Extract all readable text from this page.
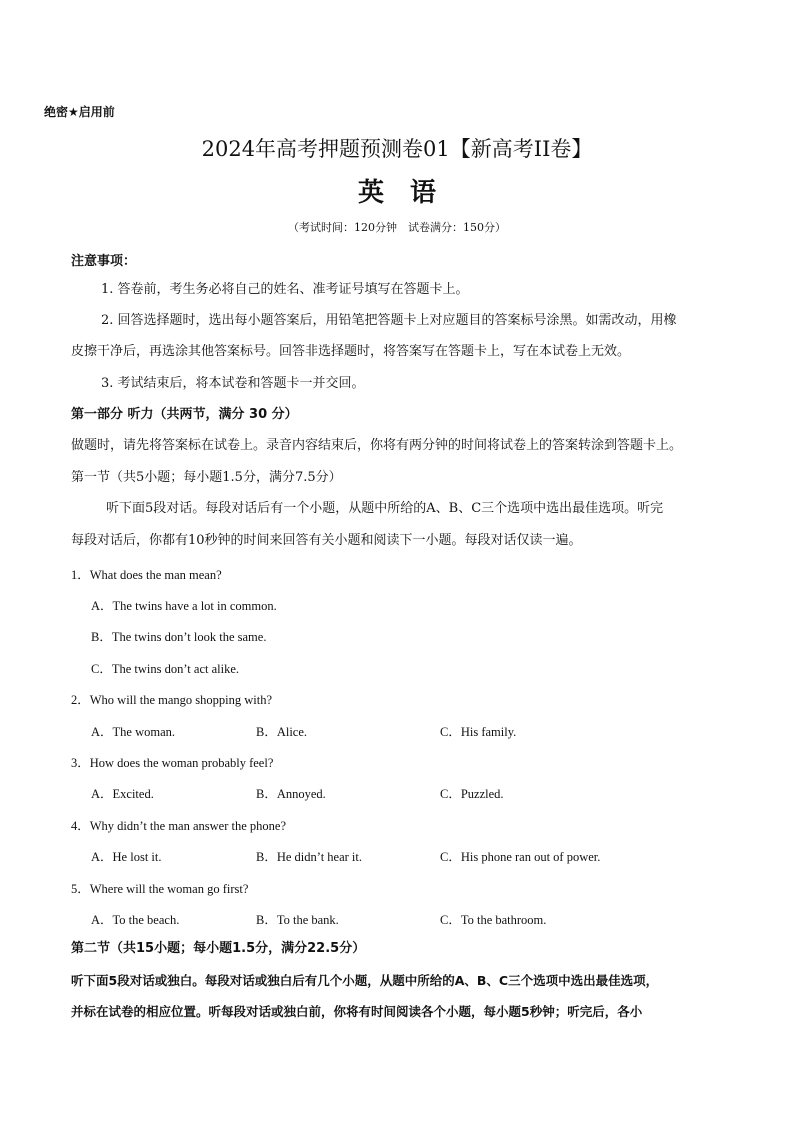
绝密★启用前
2024年高考押题预测卷01【新高考II卷】
英语
（考试时间：120分钟　试卷满分：150分）
注意事项：
1. 答卷前，考生务必将自己的姓名、准考证号填写在答题卡上。
2. 回答选择题时，选出每小题答案后，用铅笔把答题卡上对应题目的答案标号涂黑。如需改动，用橡
皮擦干净后，再选涂其他答案标号。回答非选择题时，将答案写在答题卡上，写在本试卷上无效。
3. 考试结束后，将本试卷和答题卡一并交回。
第一部分 听力（共两节，满分 30 分）
做题时，请先将答案标在试卷上。录音内容结束后，你将有两分钟的时间将试卷上的答案转涂到答题卡上。
第一节（共5小题；每小题1.5分，满分7.5分）
听下面5段对话。每段对话后有一个小题，从题中所给的A、B、C三个选项中选出最佳选项。听完
每段对话后，你都有10秒钟的时间来回答有关小题和阅读下一小题。每段对话仅读一遍。
1．What does the man mean?
A．The twins have a lot in common.
B．The twins don’t look the same.
C．The twins don’t act alike.
2．Who will the mango shopping with?
A．The woman.	B．Alice.	C．His family.
3．How does the woman probably feel?
A．Excited.	B．Annoyed.	C．Puzzled.
4．Why didn’t the man answer the phone?
A．He lost it.	B．He didn’t hear it.	C．His phone ran out of power.
5．Where will the woman go first?
A．To the beach.	B．To the bank.	C．To the bathroom.
第二节（共15小题；每小题1.5分，满分22.5分）
听下面5段对话或独白。每段对话或独白后有几个小题，从题中所给的A、B、C三个选项中选出最佳选项，
并标在试卷的相应位置。听每段对话或独白前，你将有时间阅读各个小题，每小题5秒钟；听完后，各小
